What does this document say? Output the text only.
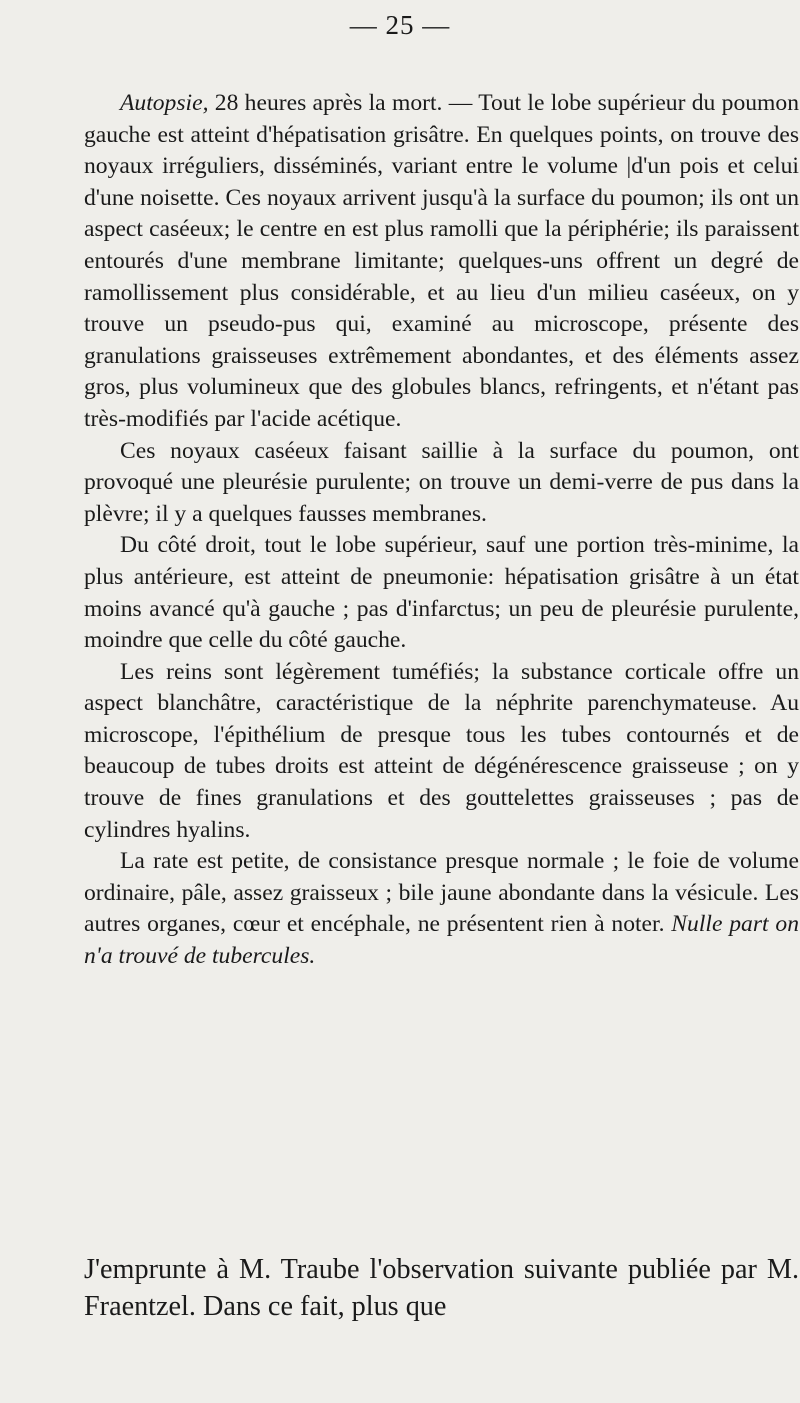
— 25 —

Autopsie, 28 heures après la mort. — Tout le lobe supérieur du poumon gauche est atteint d'hépatisation grisâtre. En quelques points, on trouve des noyaux irréguliers, disséminés, variant entre le volume |d'un pois et celui d'une noisette. Ces noyaux arrivent jusqu'à la surface du poumon; ils ont un aspect caséeux; le centre en est plus ramolli que la périphérie; ils paraissent entourés d'une membrane limitante; quelques-uns offrent un degré de ramollissement plus considérable, et au lieu d'un milieu caséeux, on y trouve un pseudo-pus qui, examiné au microscope, présente des granulations graisseuses extrêmement abondantes, et des éléments assez gros, plus volumineux que des globules blancs, refringents, et n'étant pas très-modifiés par l'acide acétique.

Ces noyaux caséeux faisant saillie à la surface du poumon, ont provoqué une pleurésie purulente; on trouve un demi-verre de pus dans la plèvre; il y a quelques fausses membranes.

Du côté droit, tout le lobe supérieur, sauf une portion très-minime, la plus antérieure, est atteint de pneumonie: hépatisation grisâtre à un état moins avancé qu'à gauche ; pas d'infarctus; un peu de pleurésie purulente, moindre que celle du côté gauche.

Les reins sont légèrement tuméfiés; la substance corticale offre un aspect blanchâtre, caractéristique de la néphrite parenchymateuse. Au microscope, l'épithélium de presque tous les tubes contournés et de beaucoup de tubes droits est atteint de dégénérescence graisseuse ; on y trouve de fines granulations et des gouttelettes graisseuses ; pas de cylindres hyalins.

La rate est petite, de consistance presque normale ; le foie de volume ordinaire, pâle, assez graisseux ; bile jaune abondante dans la vésicule. Les autres organes, cœur et encéphale, ne présentent rien à noter. Nulle part on n'a trouvé de tubercules.

J'emprunte à M. Traube l'observation suivante publiée par M. Fraentzel. Dans ce fait, plus que
